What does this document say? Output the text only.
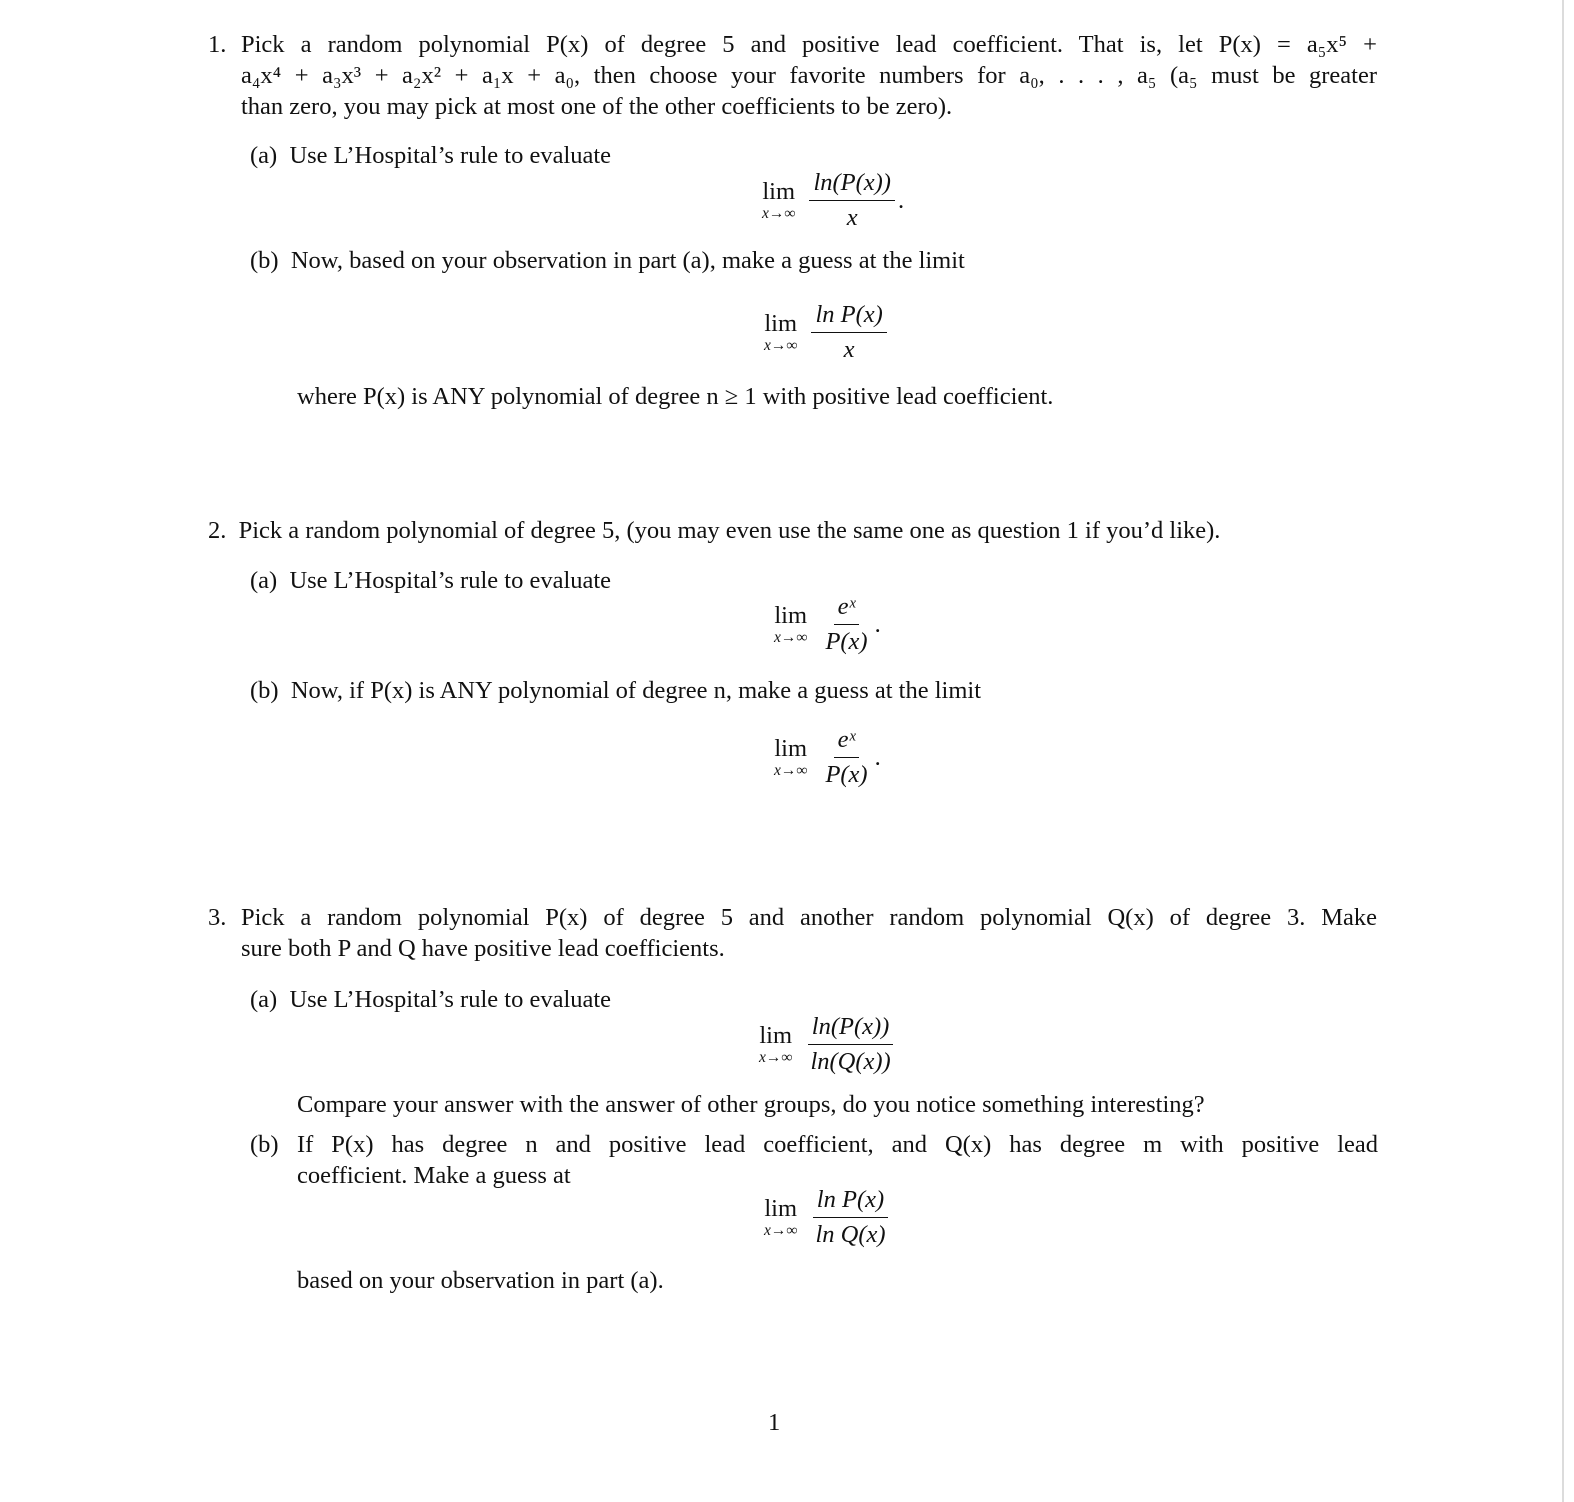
1. Pick a random polynomial P(x) of degree 5 and positive lead coefficient. That is, let P(x) = a₅x⁵ +
a₄x⁴ + a₃x³ + a₂x² + a₁x + a₀, then choose your favorite numbers for a₀, . . . , a₅ (a₅ must be greater
than zero, you may pick at most one of the other coefficients to be zero).
(a) Use L’Hospital’s rule to evaluate
lim
$x\to\infty \frac{\ln(P(x))}{x}$ .
(b) Now, based on your observation in part (a), make a guess at the limit
lim
$x\to\infty \frac{\text{ln P(x)}}{x}$
where P(x) is ANY polynomial of degree n ≥ 1 with positive lead coefficient.
2. Pick a random polynomial of degree 5, (you may even use the same one as question 1 if you’d like).
(a) Use L’Hospital’s rule to evaluate
lim
$x\to\infty \frac{\text{eˣ}}{P(x)}$ .
(b) Now, if P(x) is ANY polynomial of degree n, make a guess at the limit
lim
$x\to\infty \frac{\text{eˣ}}{P(x)}$ .
3. Pick a random polynomial P(x) of degree 5 and another random polynomial Q(x) of degree 3. Make
sure both P and Q have positive lead coefficients.
(a) Use L’Hospital’s rule to evaluate
lim
$x\to\infty \frac{\ln(P(x))}{\ln(Q(x))}$
Compare your answer with the answer of other groups, do you notice something interesting?
(b) If P(x) has degree n and positive lead coefficient, and Q(x) has degree m with positive lead
coefficient. Make a guess at
lim
$x\to\infty \frac{\text{ln P(x)}}{\text{ln Q(x)}}$
based on your observation in part (a).
1
